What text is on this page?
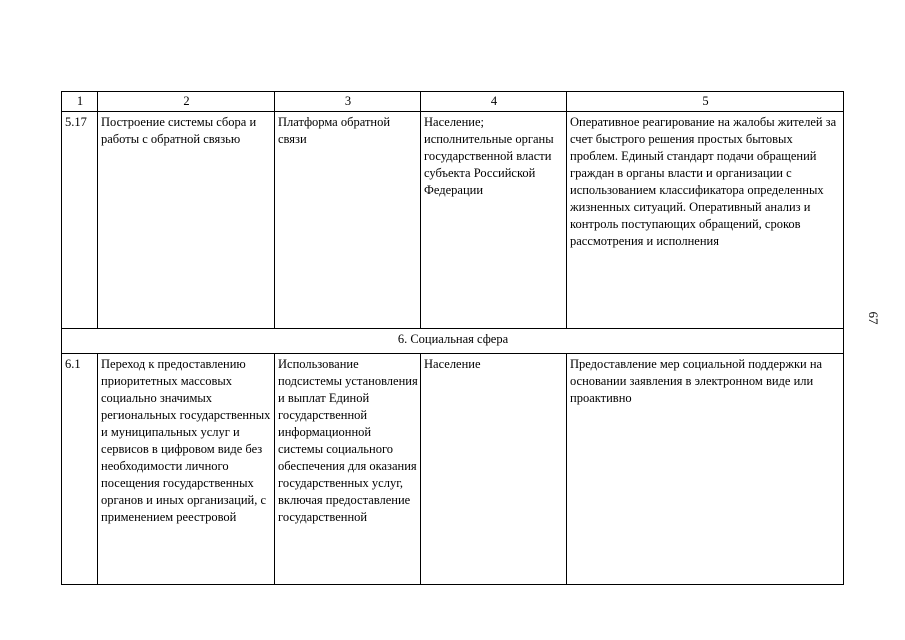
1	2	3	4	5
5.17	Построение системы сбора и работы с обратной связью	Платформа обратной связи	Население; исполнительные органы государственной власти субъекта Российской Федерации	Оперативное реагирование на жалобы жителей за счет быстрого решения простых бытовых проблем. Единый стандарт подачи обращений граждан в органы власти и организации с использованием классификатора определенных жизненных ситуаций. Оперативный анализ и контроль поступающих обращений, сроков рассмотрения и исполнения
6. Социальная сфера				
6.1	Переход к предоставлению приоритетных массовых социально значимых региональных государственных и муниципальных услуг и сервисов в цифровом виде без необходимости личного посещения государственных органов и иных организаций, с применением реестровой	Использование подсистемы установления и выплат Единой государственной информационной системы социального обеспечения для оказания государственных услуг, включая предоставление государственной	Население	Предоставление мер социальной поддержки на основании заявления в электронном виде или проактивно
67
